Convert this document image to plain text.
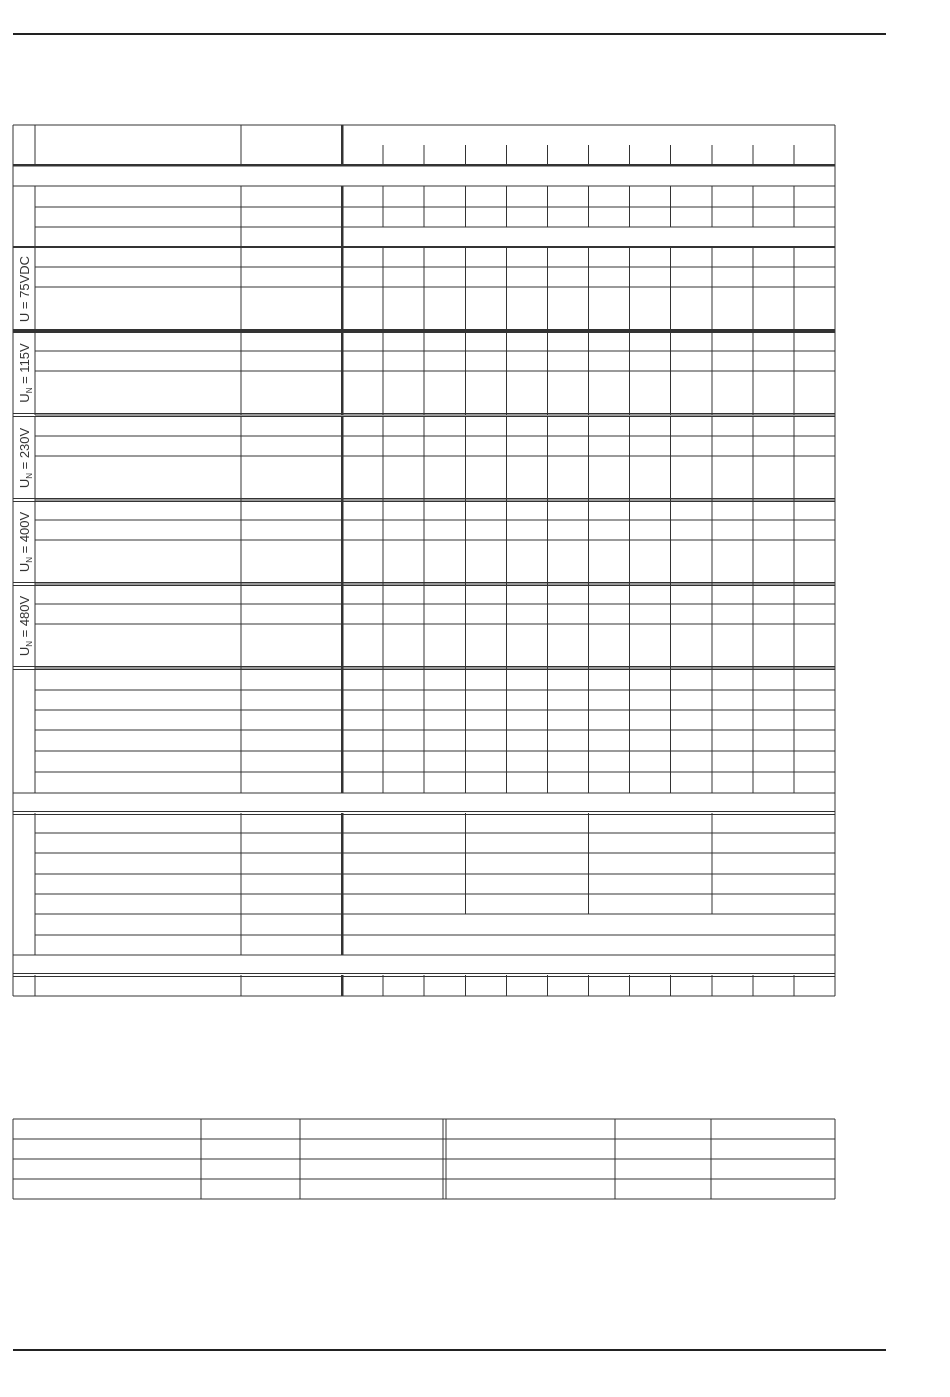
U = 75VDC
$U_N = 115V$
$U_N = 230V$
$U_N = 400V$
$U_N = 480V$
